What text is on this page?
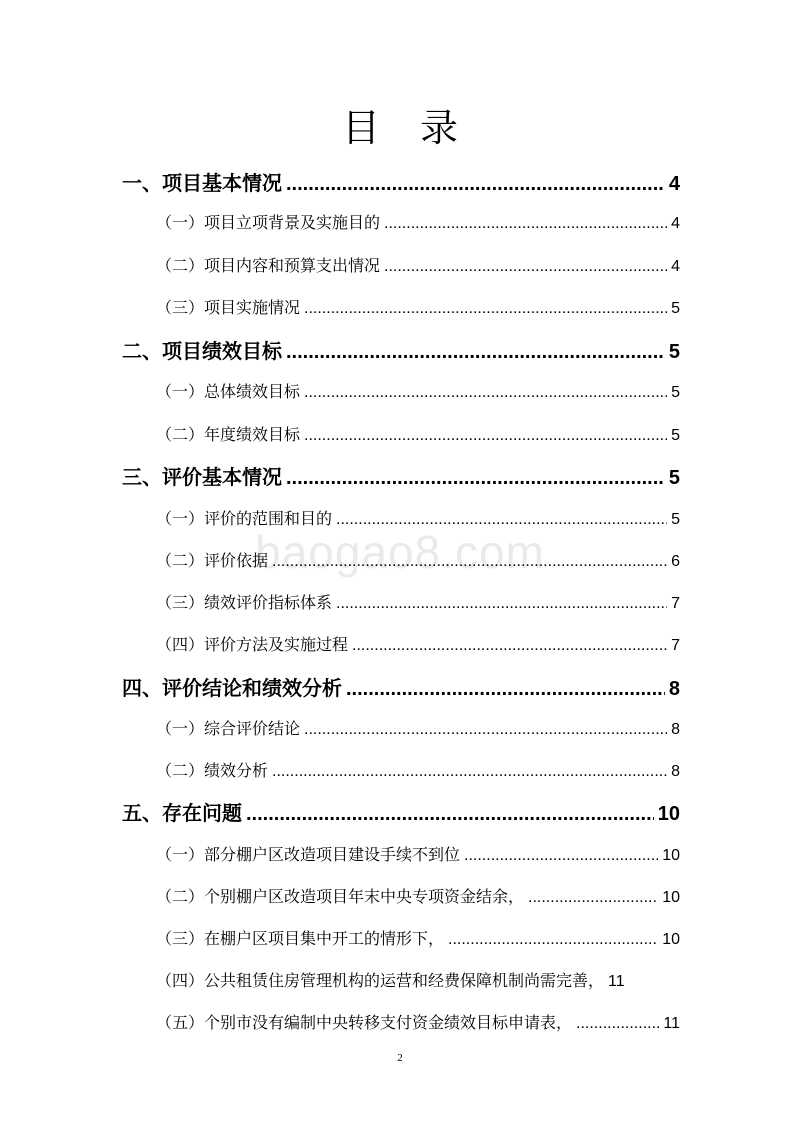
目 录
baogao8.com
一、项目基本情况 .....	4
（一）项目立项背景及实施目的 .....	4
（二）项目内容和预算支出情况 .....	4
（三）项目实施情况 .....	5
二、项目绩效目标 .....	5
（一）总体绩效目标 .....	5
（二）年度绩效目标 .....	5
三、评价基本情况 .....	5
（一）评价的范围和目的 .....	5
（二）评价依据 .....	6
（三）绩效评价指标体系 .....	7
（四）评价方法及实施过程 .....	7
四、评价结论和绩效分析 .....	8
（一）综合评价结论 .....	8
（二）绩效分析 .....	8
五、存在问题 .....	10
（一）部分棚户区改造项目建设手续不到位 .....	10
（二）个别棚户区改造项目年末中央专项资金结余， .....	10
（三）在棚户区项目集中开工的情形下， .....	10
（四）公共租赁住房管理机构的运营和经费保障机制尚需完善， 11
（五）个别市没有编制中央转移支付资金绩效目标申请表， .....	11
2
